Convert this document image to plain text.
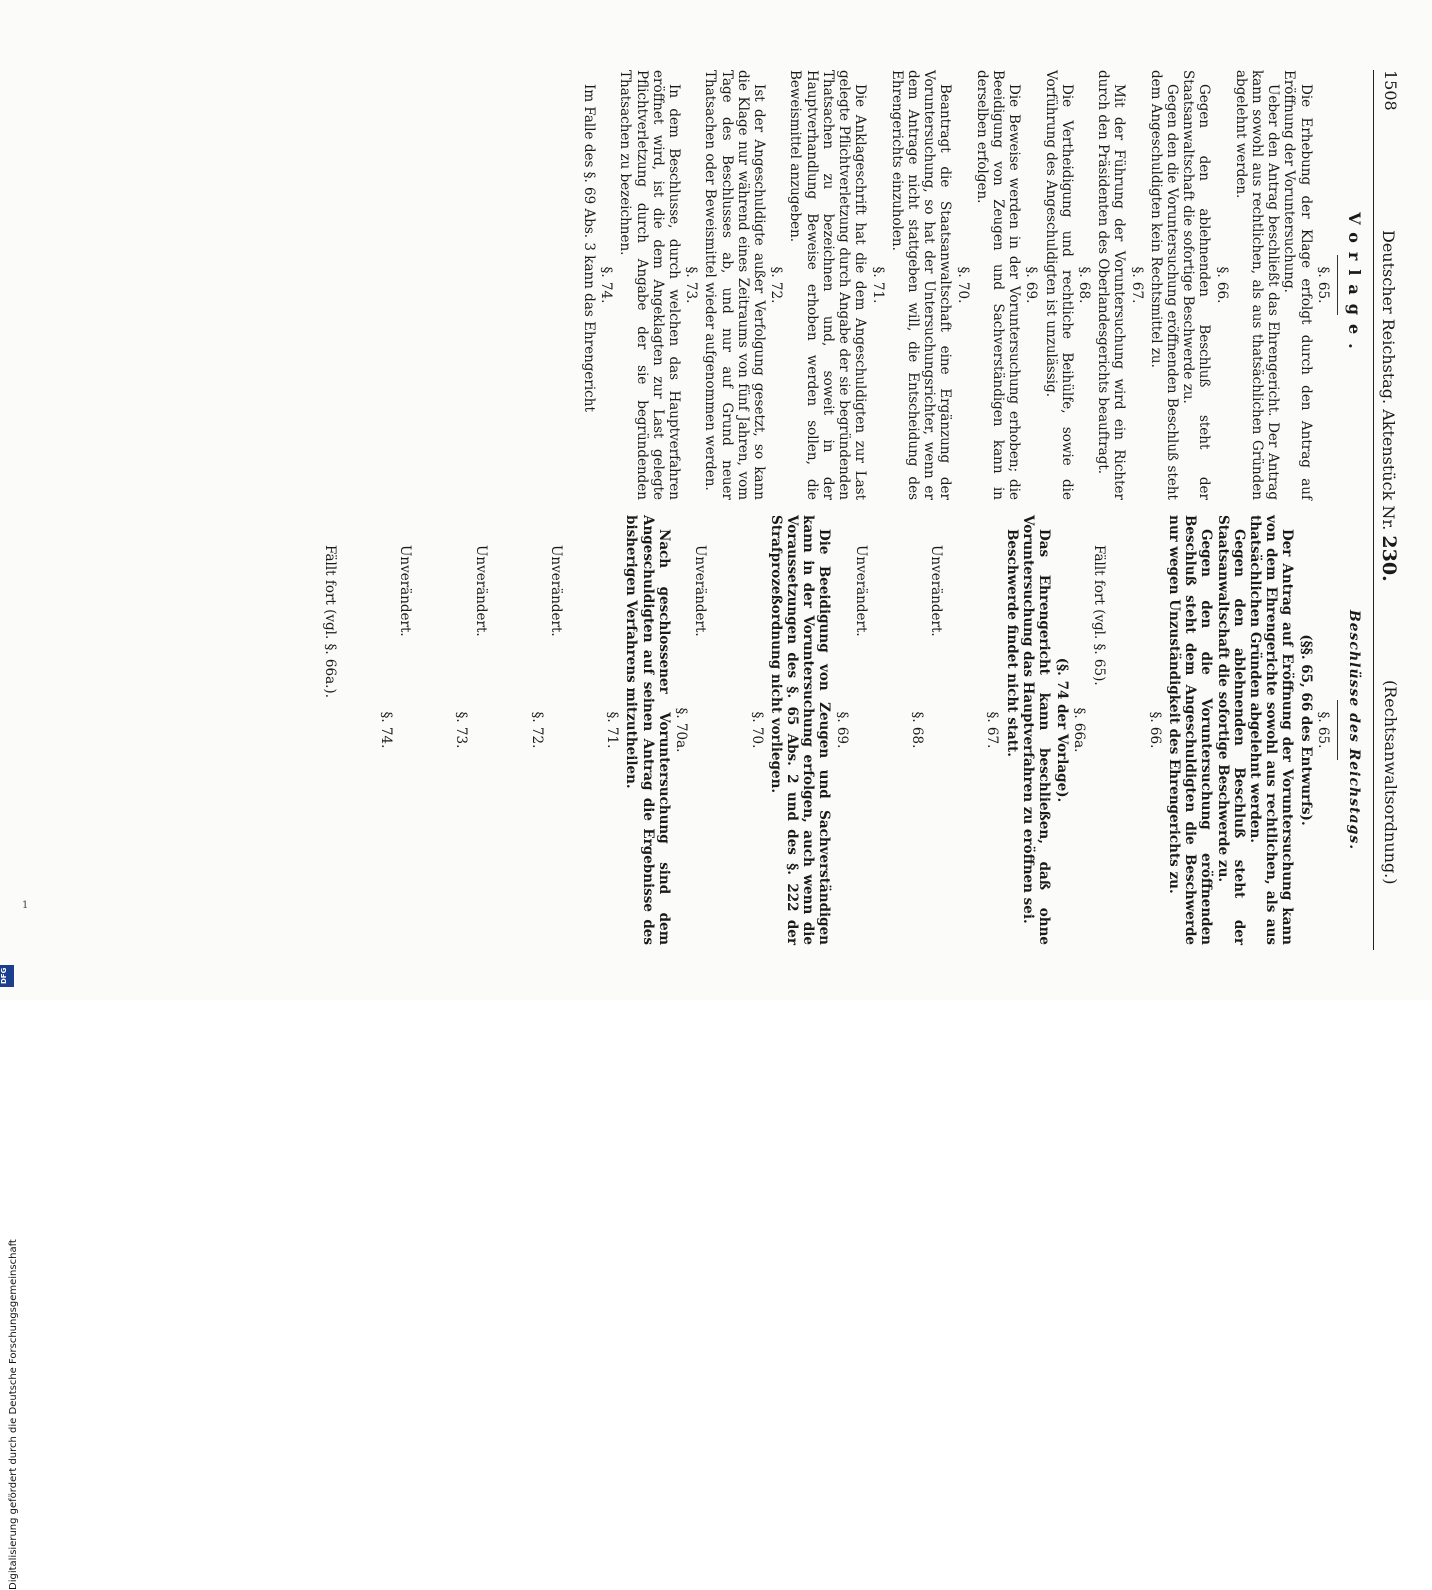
1508
Deutscher Reichstag. Aktenstück Nr. 230.
(Rechtsanwaltsordnung.)
Vorlage.
§. 65.

Die Erhebung der Klage erfolgt durch den Antrag auf Eröffnung der Voruntersuchung.

Ueber den Antrag beschließt das Ehrengericht. Der Antrag kann sowohl aus rechtlichen, als aus thatsächlichen Gründen abgelehnt werden.

§. 66.

Gegen den ablehnenden Beschluß steht der Staatsanwaltschaft die sofortige Beschwerde zu.

Gegen den die Voruntersuchung eröffnenden Beschluß steht dem Angeschuldigten kein Rechtsmittel zu.

§. 67.

Mit der Führung der Voruntersuchung wird ein Richter durch den Präsidenten des Oberlandesgerichts beauftragt.

§. 68.

Die Vertheidigung und rechtliche Beihülfe, sowie die Vorführung des Angeschuldigten ist unzulässig.

§. 69.

Die Beweise werden in der Voruntersuchung erhoben; die Beeidigung von Zeugen und Sachverständigen kann in derselben erfolgen.

§. 70.

Beantragt die Staatsanwaltschaft eine Ergänzung der Voruntersuchung, so hat der Untersuchungsrichter, wenn er dem Antrage nicht stattgeben will, die Entscheidung des Ehrengerichts einzuholen.

§. 71.

Die Anklageschrift hat die dem Angeschuldigten zur Last gelegte Pflichtverletzung durch Angabe der sie begründenden Thatsachen zu bezeichnen und, soweit in der Hauptverhandlung Beweise erhoben werden sollen, die Beweismittel anzugeben.

§. 72.

Ist der Angeschuldigte außer Verfolgung gesetzt, so kann die Klage nur während eines Zeitraums von fünf Jahren, vom Tage des Beschlusses ab, und nur auf Grund neuer Thatsachen oder Beweismittel wieder aufgenommen werden.

§. 73.

In dem Beschlusse, durch welchen das Hauptverfahren eröffnet wird, ist die dem Angeklagten zur Last gelegte Pflichtverletzung durch Angabe der sie begründenden Thatsachen zu bezeichnen.

§. 74.

Im Falle des §. 69 Abs. 3 kann das Ehrengericht

Beschlüsse des Reichstags.
§. 65.
(§§. 65, 66 des Entwurfs).

Der Antrag auf Eröffnung der Voruntersuchung kann von dem Ehrengerichte sowohl aus rechtlichen, als aus thatsächlichen Gründen abgelehnt werden.

Gegen den ablehnenden Beschluß steht der Staatsanwaltschaft die sofortige Beschwerde zu.

Gegen den die Voruntersuchung eröffnenden Beschluß steht dem Angeschuldigten die Beschwerde nur wegen Unzuständigkeit des Ehrengerichts zu.

§. 66.

Fällt fort (vgl. §. 65).

§. 66a.
(§. 74 der Vorlage).

Das Ehrengericht kann beschließen, daß ohne Voruntersuchung das Hauptverfahren zu eröffnen sei.

Beschwerde findet nicht statt.

§. 67.

Unverändert.

§. 68.

Unverändert.

§. 69.

Die Beeidigung von Zeugen und Sachverständigen kann in der Voruntersuchung erfolgen, auch wenn die Voraussetzungen des §. 65 Abs. 2 und des §. 222 der Strafprozeßordnung nicht vorliegen.

§. 70.

Unverändert.

§. 70a.

Nach geschlossener Voruntersuchung sind dem Angeschuldigten auf seinen Antrag die Ergebnisse des bisherigen Verfahrens mitzutheilen.

§. 71.

Unverändert.

§. 72.

Unverändert.

§. 73.

Unverändert.

§. 74.

Fällt fort (vgl. §. 66a.).

Digitalisierung gefördert durch die Deutsche Forschungsgemeinschaft
DFG
1
